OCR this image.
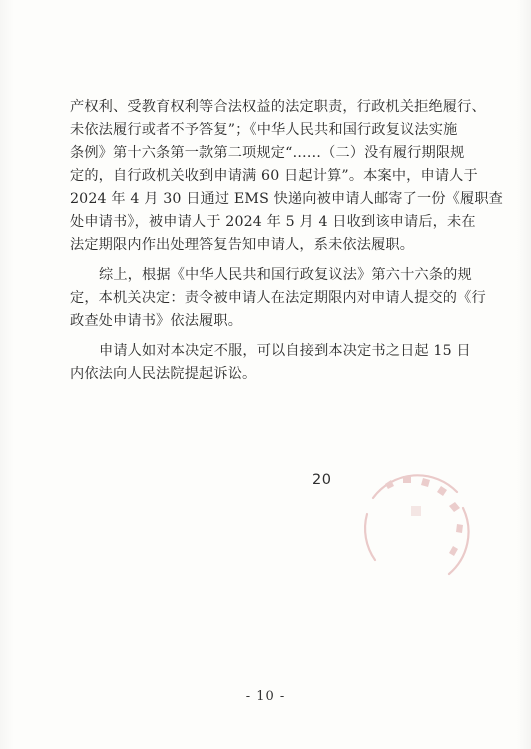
产权利、受教育权利等合法权益的法定职责，行政机关拒绝履行、
未依法履行或者不予答复”；《中华人民共和国行政复议法实施
条例》第十六条第一款第二项规定“……（二）没有履行期限规
定的，自行政机关收到申请满 60 日起计算”。本案中，申请人于
2024 年 4 月 30 日通过 EMS 快递向被申请人邮寄了一份《履职查
处申请书》，被申请人于 2024 年 5 月 4 日收到该申请后，未在
法定期限内作出处理答复告知申请人，系未依法履职。

综上，根据《中华人民共和国行政复议法》第六十六条的规
定，本机关决定：责令被申请人在法定期限内对申请人提交的《行
政查处申请书》依法履职。

申请人如对本决定不服，可以自接到本决定书之日起 15 日
内依法向人民法院提起诉讼。

20
- 10 -
